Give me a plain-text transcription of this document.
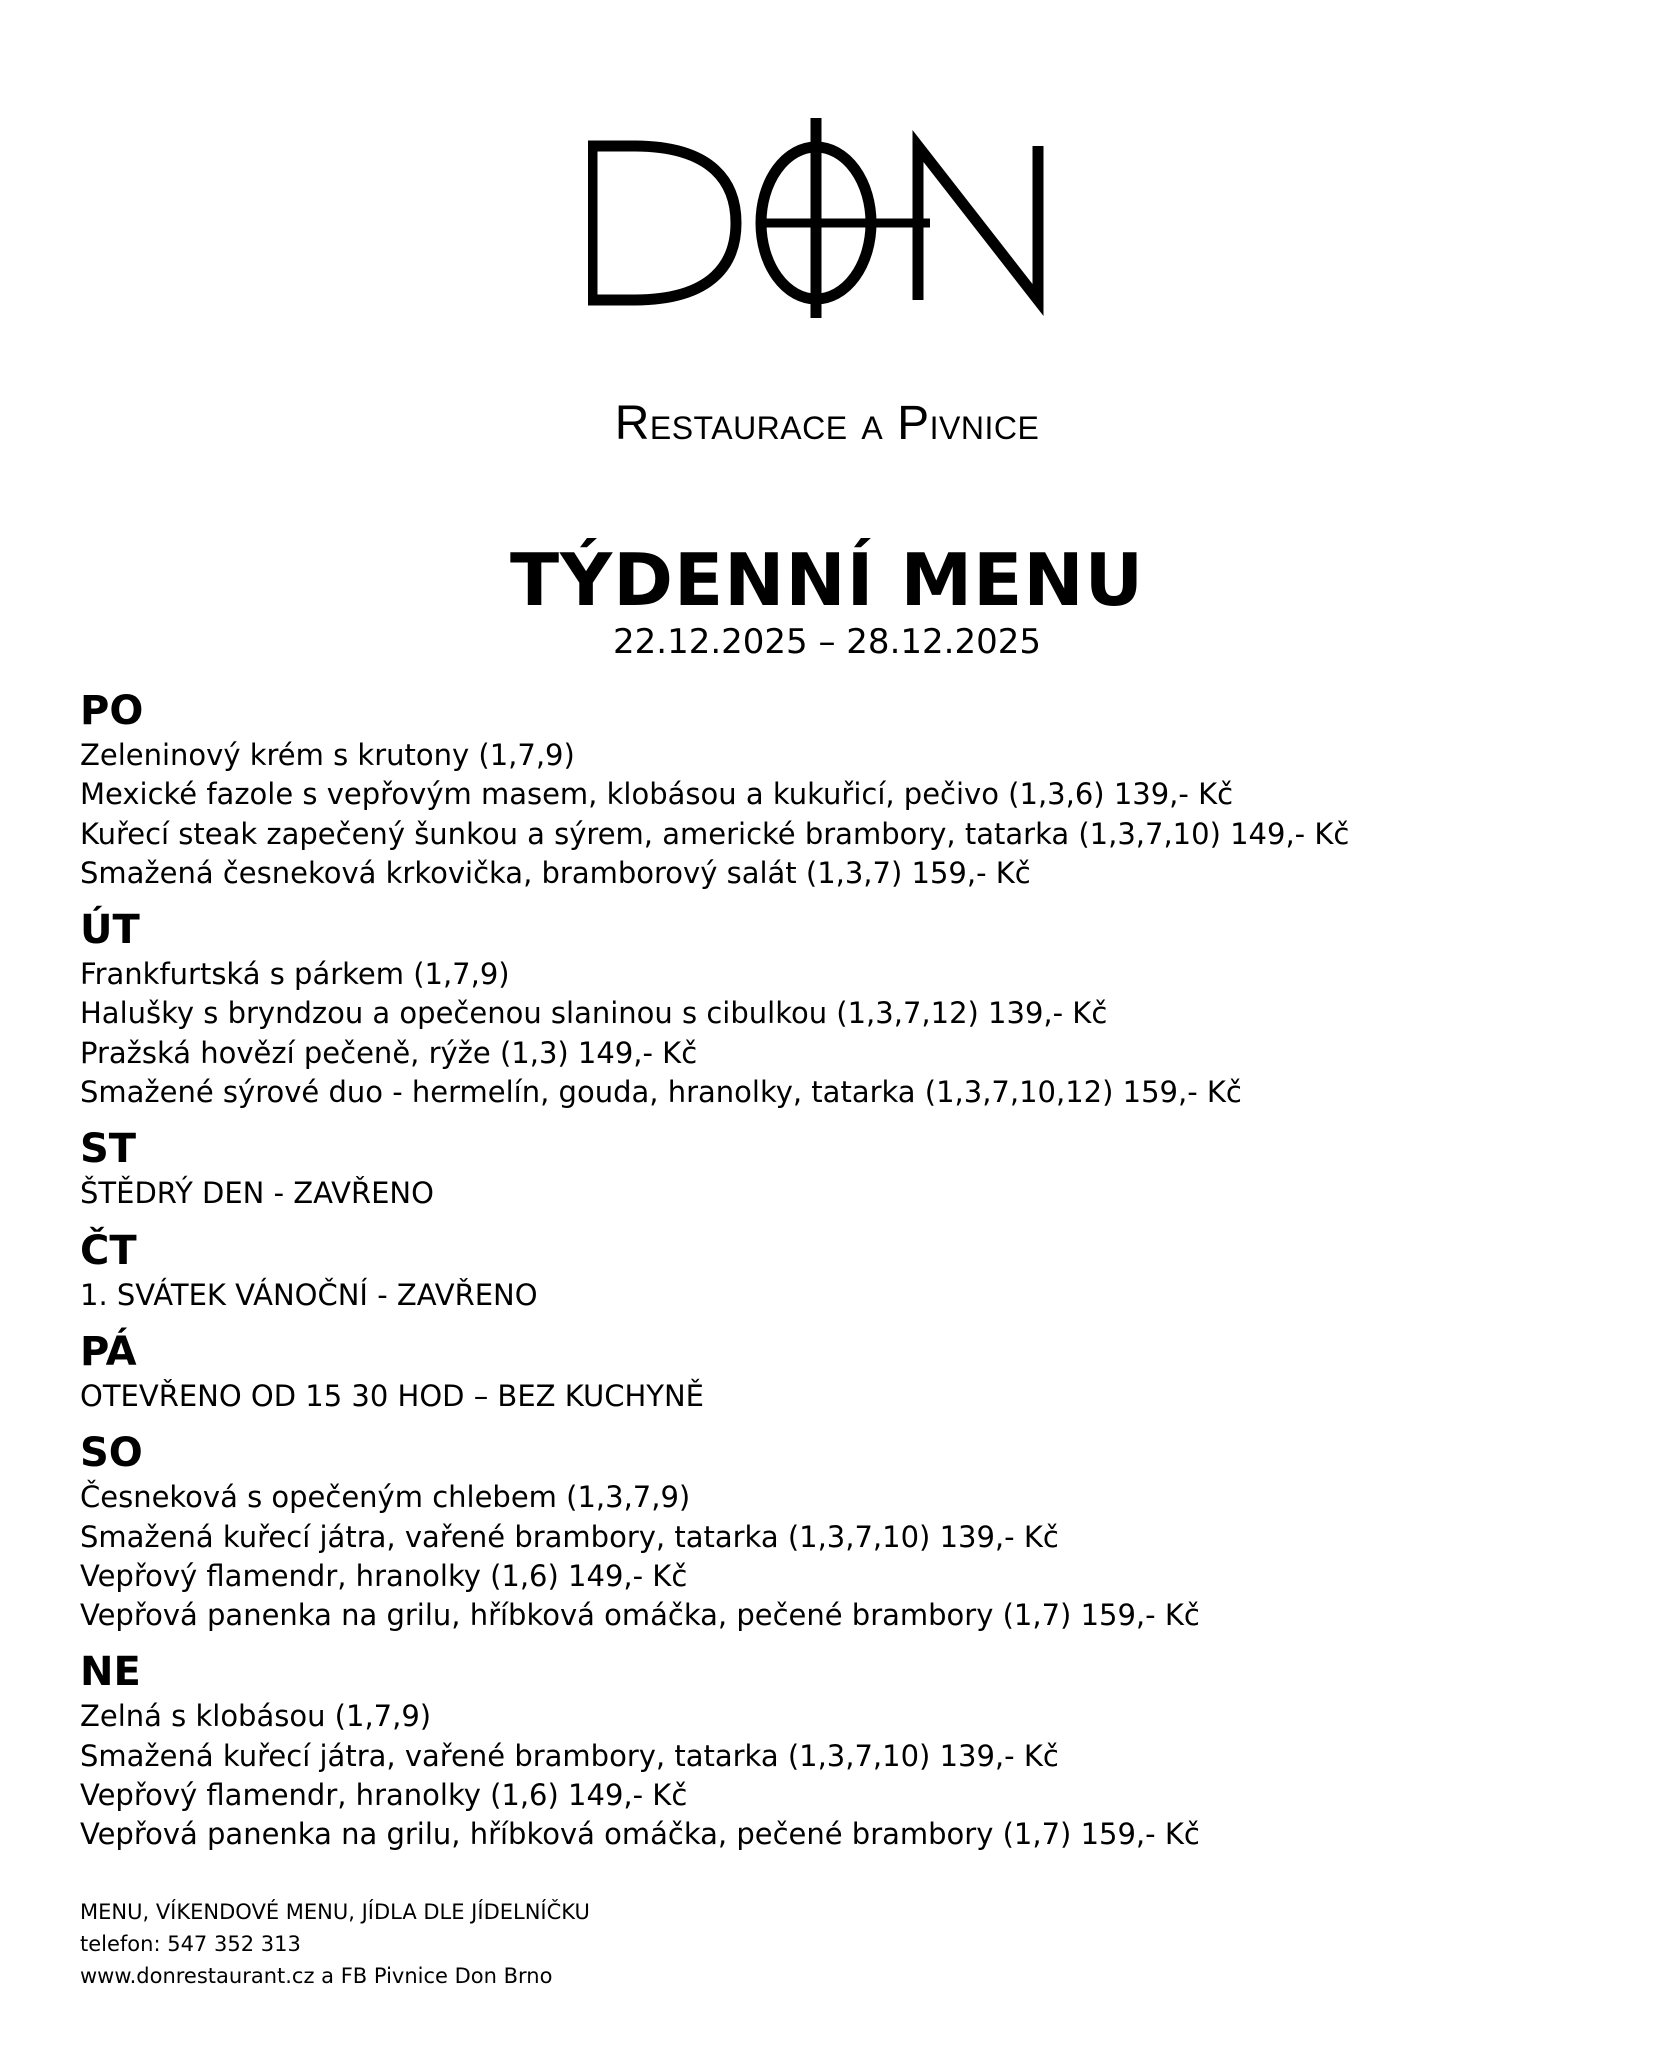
RESTAURACE A PIVNICE
TÝDENNÍ MENU
22.12.2025 – 28.12.2025
PO
Zeleninový krém s krutony (1,7,9)
Mexické fazole s vepřovým masem, klobásou a kukuřicí, pečivo (1,3,6) 139,- Kč
Kuřecí steak zapečený šunkou a sýrem, americké brambory, tatarka (1,3,7,10) 149,- Kč
Smažená česneková krkovička, bramborový salát (1,3,7) 159,- Kč
ÚT
Frankfurtská s párkem (1,7,9)
Halušky s bryndzou a opečenou slaninou s cibulkou (1,3,7,12) 139,- Kč
Pražská hovězí pečeně, rýže (1,3) 149,- Kč
Smažené sýrové duo - hermelín, gouda, hranolky, tatarka (1,3,7,10,12) 159,- Kč
ST
ŠTĚDRÝ DEN - ZAVŘENO
ČT
1. SVÁTEK VÁNOČNÍ - ZAVŘENO
PÁ
OTEVŘENO OD 15 30 HOD – BEZ KUCHYNĚ
SO
Česneková s opečeným chlebem (1,3,7,9)
Smažená kuřecí játra, vařené brambory, tatarka (1,3,7,10) 139,- Kč
Vepřový flamendr, hranolky (1,6) 149,- Kč
Vepřová panenka na grilu, hříbková omáčka, pečené brambory (1,7) 159,- Kč
NE
Zelná s klobásou (1,7,9)
Smažená kuřecí játra, vařené brambory, tatarka (1,3,7,10) 139,- Kč
Vepřový flamendr, hranolky (1,6) 149,- Kč
Vepřová panenka na grilu, hříbková omáčka, pečené brambory (1,7) 159,- Kč
MENU, VÍKENDOVÉ MENU, JÍDLA DLE JÍDELNÍČKU
telefon: 547 352 313
www.donrestaurant.cz a FB Pivnice Don Brno
